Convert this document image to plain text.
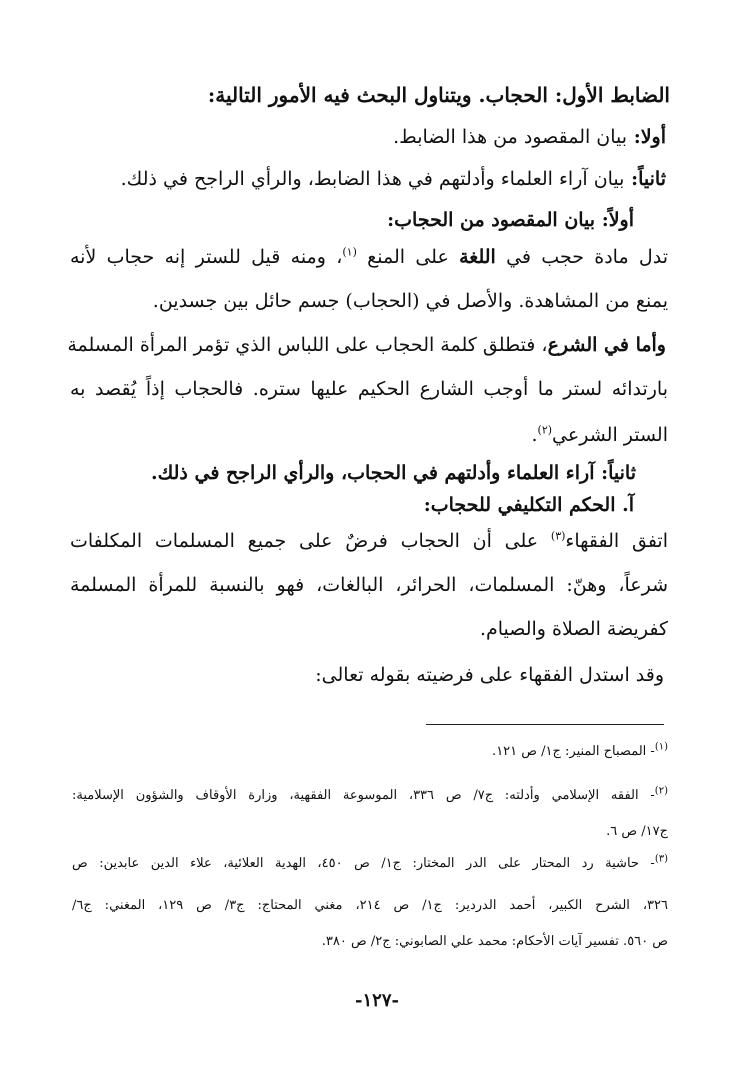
الضابط الأول: الحجاب. ويتناول البحث فيه الأمور التالية:
أولا: بيان المقصود من هذا الضابط.
ثانياً: بيان آراء العلماء وأدلتهم في هذا الضابط، والرأي الراجح في ذلك.
أولاً: بيان المقصود من الحجاب:
تدل مادة حجب في اللغة على المنع $^{(١)}$، ومنه قيل للستر إنه حجاب لأنه
يمنع من المشاهدة. والأصل في (الحجاب) جسم حائل بين جسدين.
وأما في الشرع، فتطلق كلمة الحجاب على اللباس الذي تؤمر المرأة المسلمة
بارتدائه لستر ما أوجب الشارع الحكيم عليها ستره. فالحجاب إذاً يُقصد به
الستر الشرعي$^{(٢)}$.
ثانياً: آراء العلماء وأدلتهم في الحجاب، والرأي الراجح في ذلك.
آ. الحكم التكليفي للحجاب:
اتفق الفقهاء$^{(٣)}$ على أن الحجاب فرضٌ على جميع المسلمات المكلفات
شرعاً، وهنّ: المسلمات، الحرائر، البالغات، فهو بالنسبة للمرأة المسلمة
كفريضة الصلاة والصيام.
وقد استدل الفقهاء على فرضيته بقوله تعالى:
$^{(١)}$- المصباح المنير: ج١/ ص ١٢١.
$^{(٢)}$- الفقه الإسلامي وأدلته: ج٧/ ص ٣٣٦، الموسوعة الفقهية، وزارة الأوقاف والشؤون الإسلامية:
ج١٧/ ص ٦.
$^{(٣)}$- حاشية رد المحتار على الدر المختار: ج١/ ص ٤٥٠، الهدية العلائية، علاء الدين عابدين: ص
٣٢٦، الشرح الكبير، أحمد الدردير: ج١/ ص ٢١٤، مغني المحتاج: ج٣/ ص ١٢٩، المغني: ج٦/
ص ٥٦٠. تفسير آيات الأحكام: محمد علي الصابوني: ج٢/ ص ٣٨٠.
-١٢٧-
